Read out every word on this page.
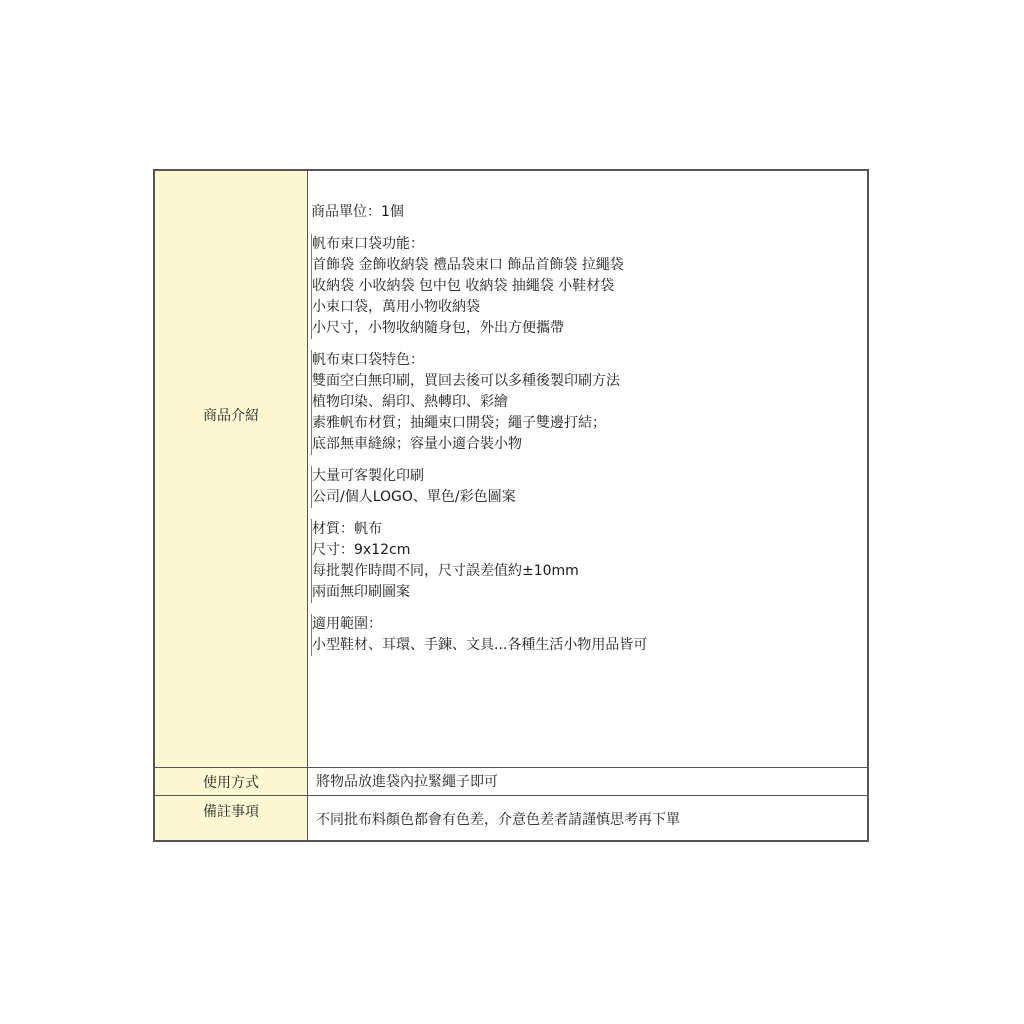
商品介紹
商品單位：1個
帆布束口袋功能：
首飾袋 金飾收納袋 禮品袋束口 飾品首飾袋 拉繩袋
收納袋 小收納袋 包中包 收納袋 抽繩袋 小鞋材袋
小束口袋，萬用小物收納袋
小尺寸，小物收納隨身包，外出方便攜帶
帆布束口袋特色：
雙面空白無印刷，買回去後可以多種後製印刷方法
植物印染、絹印、熱轉印、彩繪
素雅帆布材質；抽繩束口開袋；繩子雙邊打結；
底部無車縫線；容量小適合裝小物
大量可客製化印刷
公司/個人LOGO、單色/彩色圖案
材質：帆布
尺寸：9x12cm
每批製作時間不同，尺寸誤差值約±10mm
兩面無印刷圖案
適用範圍：
小型鞋材、耳環、手鍊、文具...各種生活小物用品皆可
使用方式	將物品放進袋內拉緊繩子即可
備註事項	不同批布料顏色都會有色差，介意色差者請謹慎思考再下單
